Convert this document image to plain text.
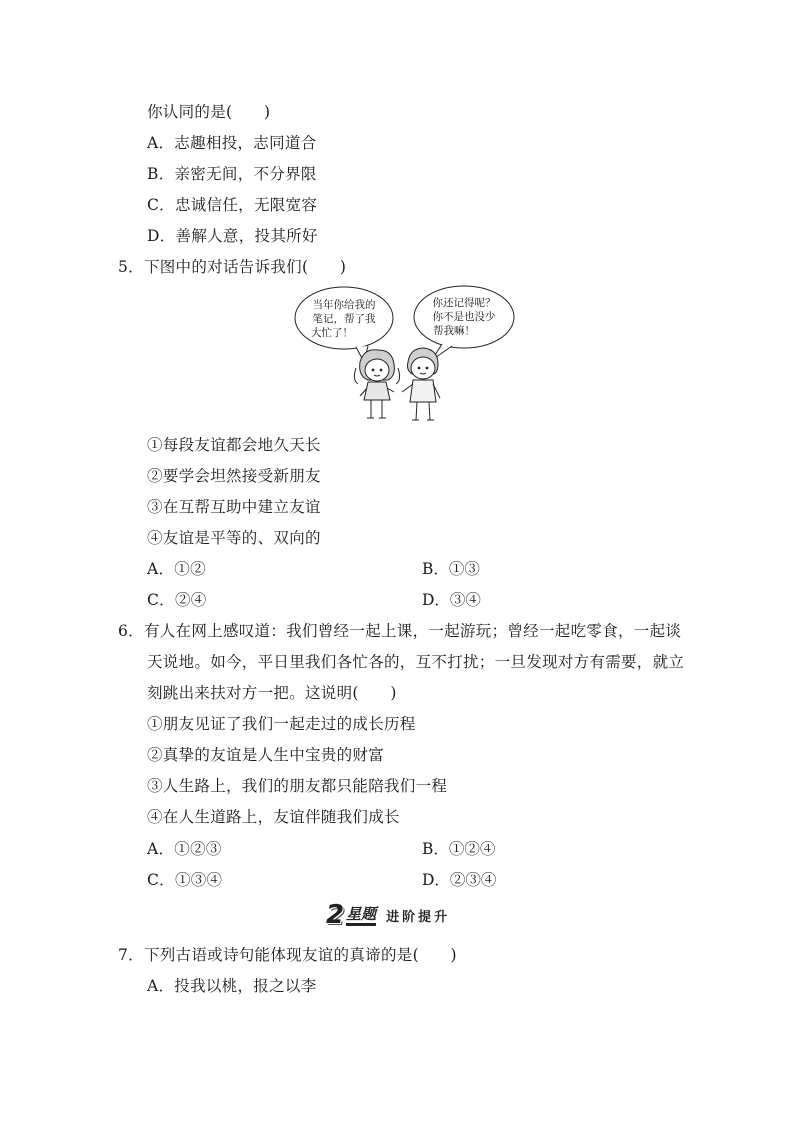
你认同的是(　　)
A．志趣相投，志同道合
B．亲密无间，不分界限
C．忠诚信任，无限宽容
D．善解人意，投其所好
5．下图中的对话告诉我们(　　)
当年你给我的
笔记，帮了我
大忙了！
你还记得呢？
你不是也没少
帮我嘛！
①每段友谊都会地久天长
②要学会坦然接受新朋友
③在互帮互助中建立友谊
④友谊是平等的、双向的
A．①②	B．①③
C．②④	D．③④
6．有人在网上感叹道：我们曾经一起上课，一起游玩；曾经一起吃零食，一起谈
天说地。如今，平日里我们各忙各的，互不打扰；一旦发现对方有需要，就立
刻跳出来扶对方一把。这说明(　　)
①朋友见证了我们一起走过的成长历程
②真挚的友谊是人生中宝贵的财富
③人生路上，我们的朋友都只能陪我们一程
④在人生道路上，友谊伴随我们成长
A．①②③	B．①②④
C．①③④	D．②③④
2 星题 进阶提升
7．下列古语或诗句能体现友谊的真谛的是(　　)
A．投我以桃，报之以李
